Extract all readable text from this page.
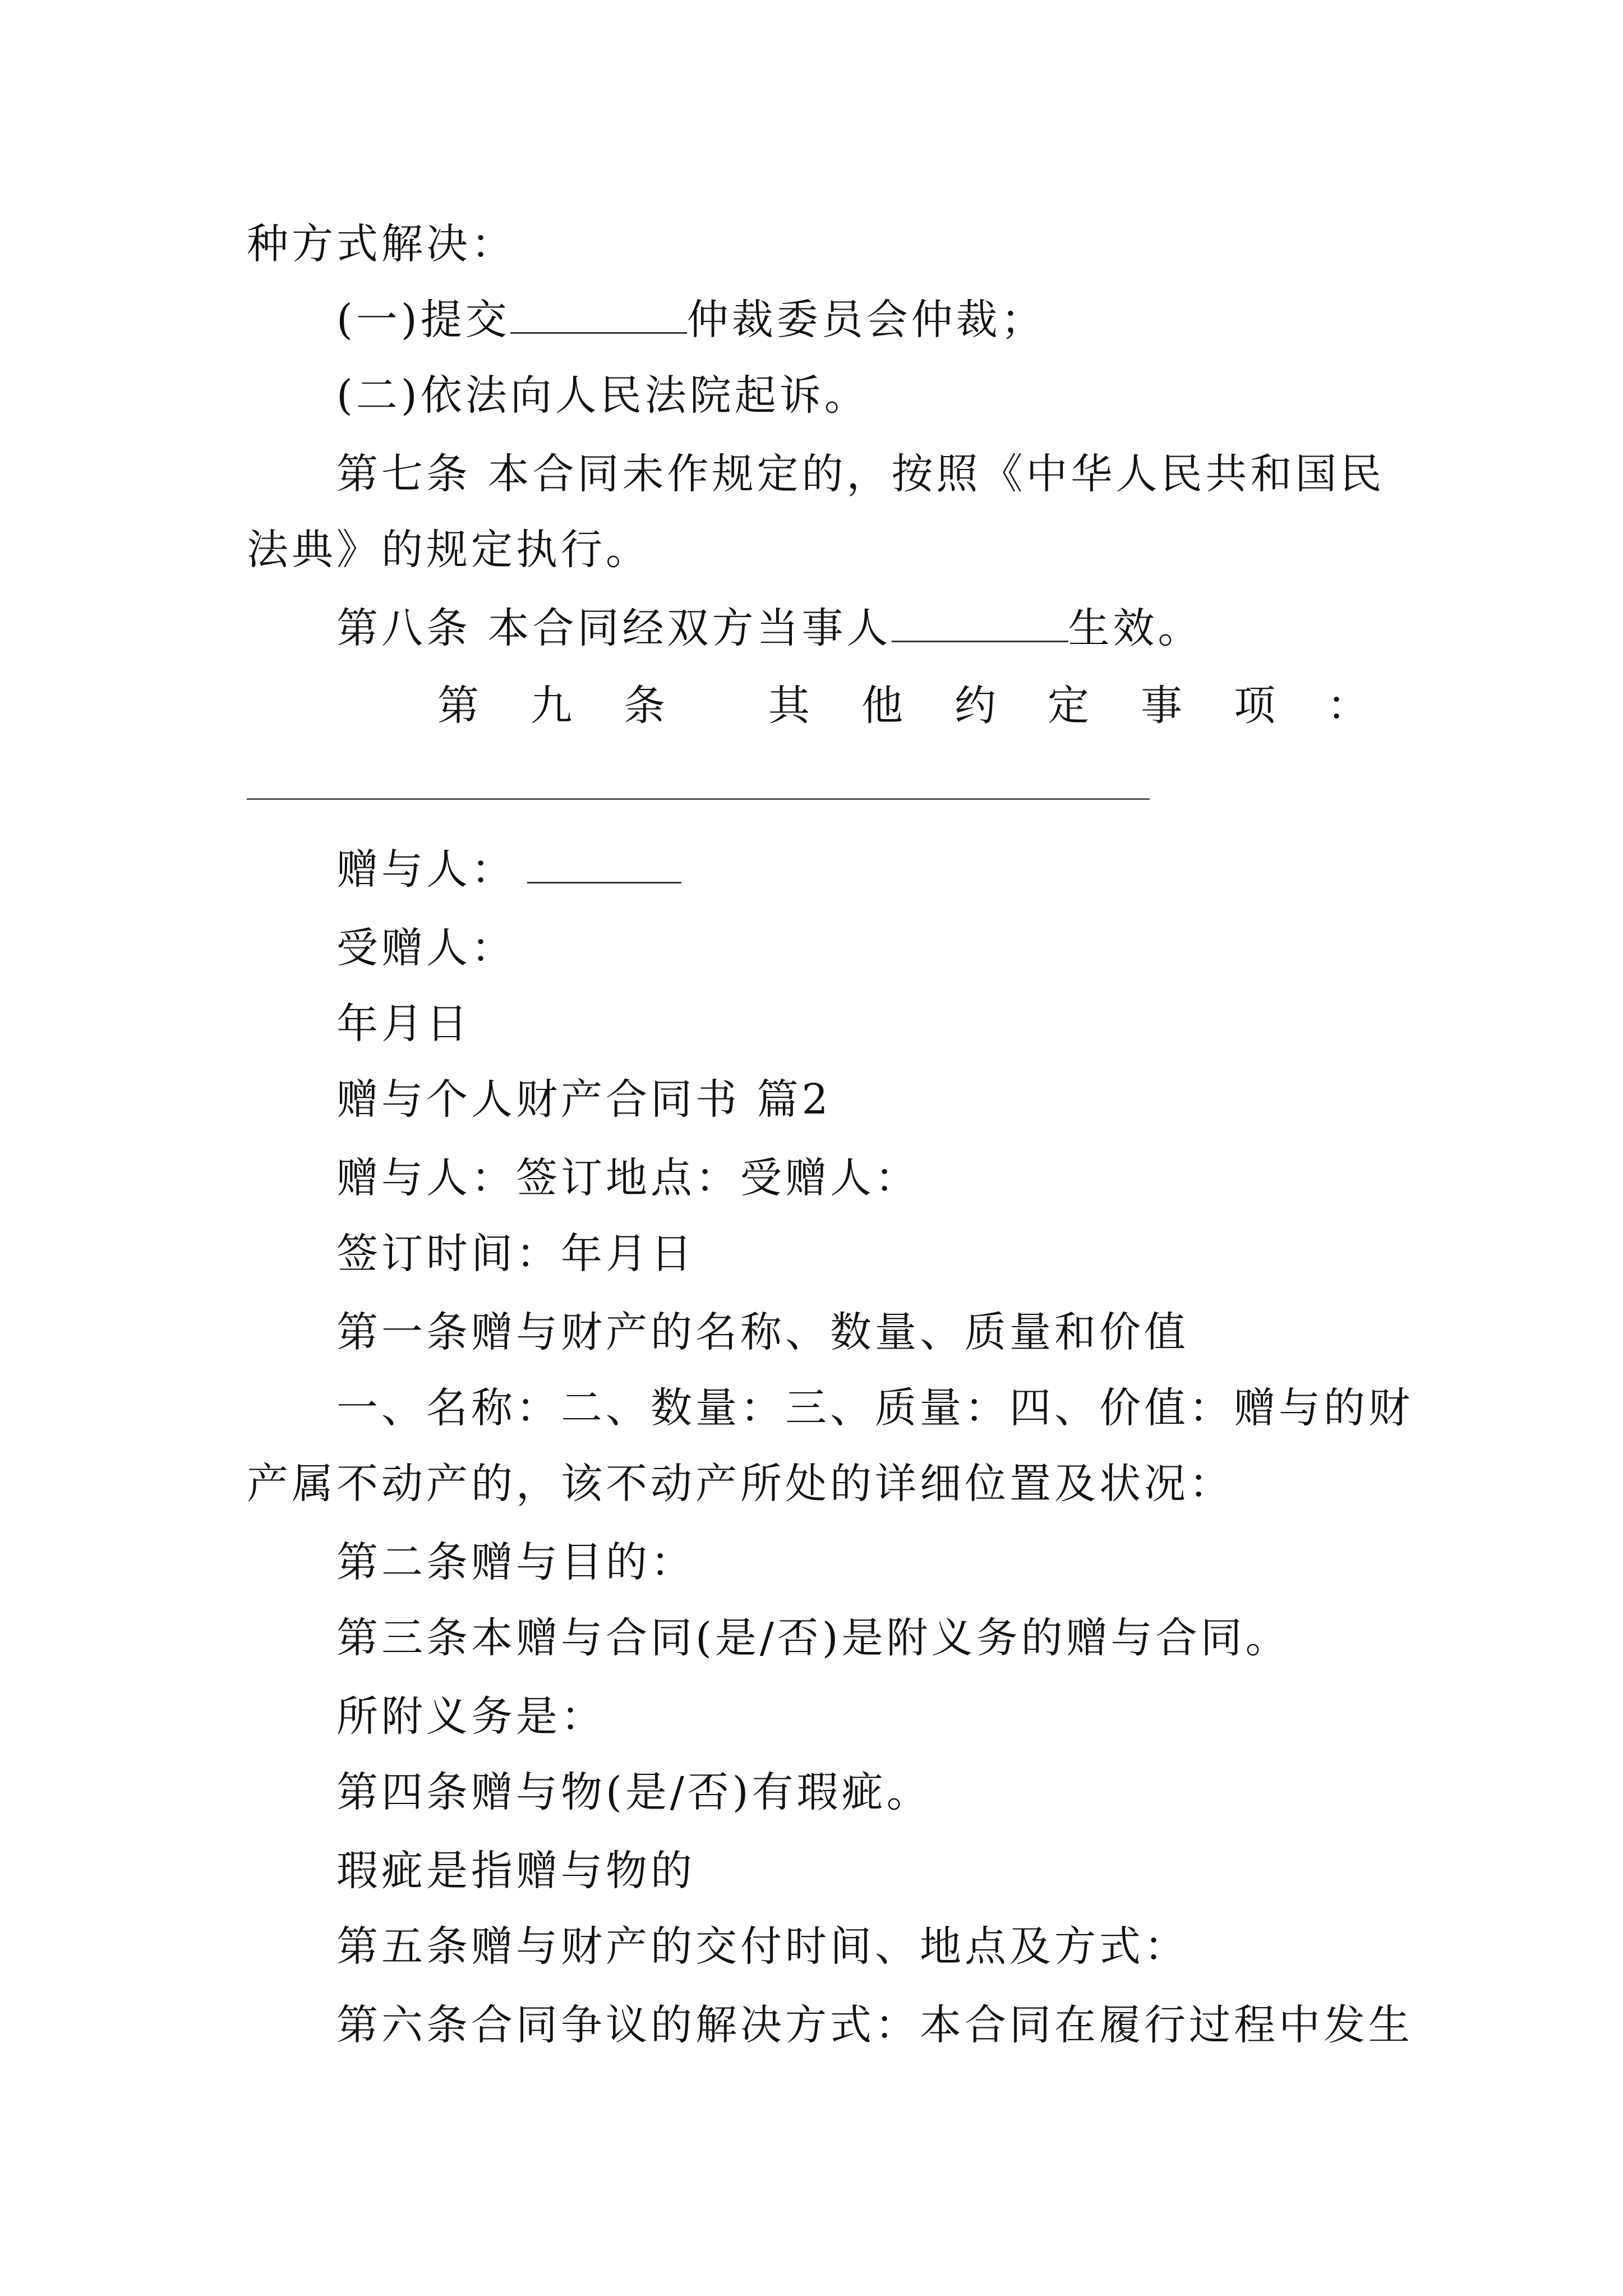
种方式解决：
(一)提交	仲裁委员会仲裁；
(二)依法向人民法院起诉。
第七条 本合同未作规定的，按照《中华人民共和国民
法典》的规定执行。
第八条 本合同经双方当事人	生效。
第 九 条 其 他 约 定 事 项 ：
赠与人：
受赠人：
年月日
赠与个人财产合同书 篇2
赠与人：签订地点：受赠人：
签订时间：年月日
第一条赠与财产的名称、数量、质量和价值
一、名称：二、数量：三、质量：四、价值：赠与的财
产属不动产的，该不动产所处的详细位置及状况：
第二条赠与目的：
第三条本赠与合同(是/否)是附义务的赠与合同。
所附义务是：
第四条赠与物(是/否)有瑕疵。
瑕疵是指赠与物的
第五条赠与财产的交付时间、地点及方式：
第六条合同争议的解决方式：本合同在履行过程中发生
